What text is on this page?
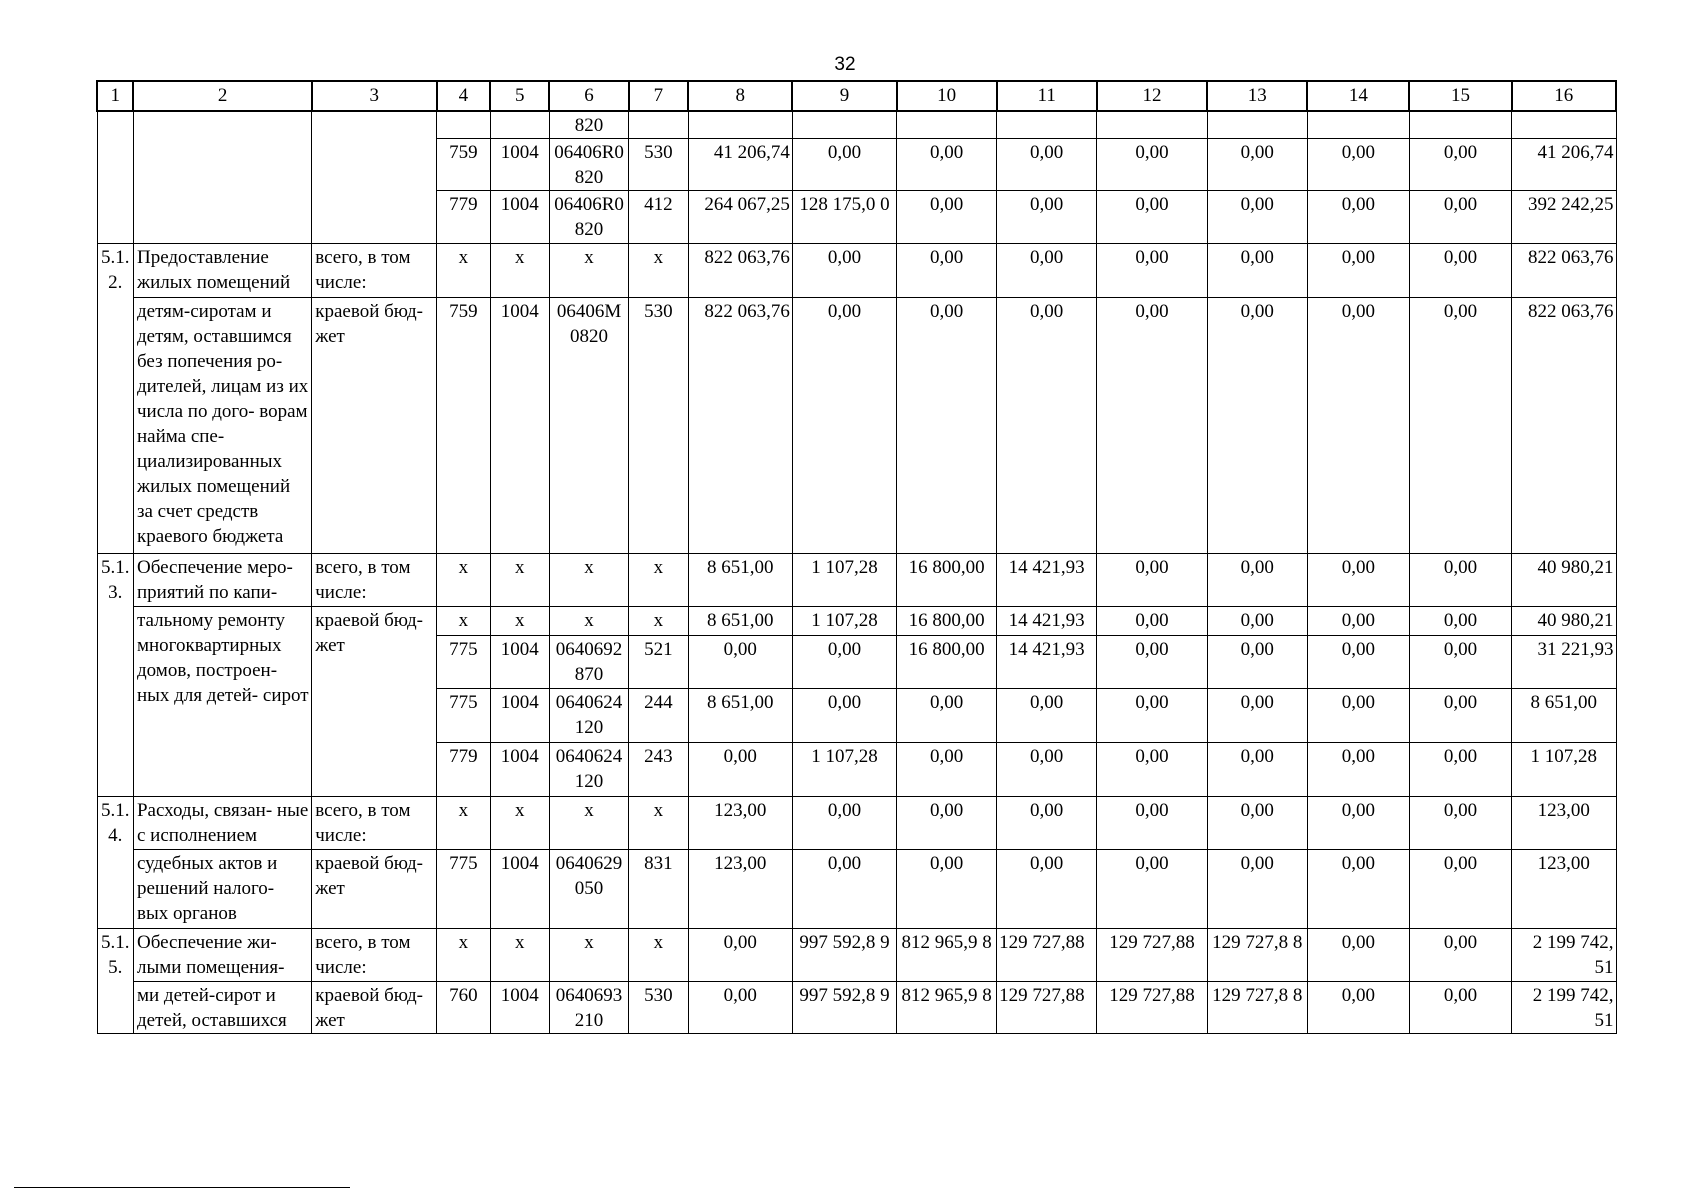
32
1	2	3	4	5	6	7	8	9	10	11	12	13	14	15	16
					820										
			759	1004	06406R0 820	530	41 206,74	0,00	0,00	0,00	0,00	0,00	0,00	0,00	41 206,74
			779	1004	06406R0 820	412	264 067,25	128 175,0 0	0,00	0,00	0,00	0,00	0,00	0,00	392 242,25
5.1. 2.	Предоставление жилых помещений	всего, в том числе:	х	х	х	х	822 063,76	0,00	0,00	0,00	0,00	0,00	0,00	0,00	822 063,76
	детям-сиротам и детям, оставшимся без попечения ро- дителей, лицам из их числа по дого- ворам найма спе- циализированных жилых помещений за счет средств краевого бюджета	краевой бюд- жет	759	1004	06406M 0820	530	822 063,76	0,00	0,00	0,00	0,00	0,00	0,00	0,00	822 063,76
5.1. 3.	Обеспечение меро- приятий по капи-	всего, в том числе:	х	х	х	х	8 651,00	1 107,28	16 800,00	14 421,93	0,00	0,00	0,00	0,00	40 980,21
	тальному ремонту многоквартирных домов, построен- ных для детей- сирот	краевой бюд- жет	х	х	х	х	8 651,00	1 107,28	16 800,00	14 421,93	0,00	0,00	0,00	0,00	40 980,21
			775	1004	0640692 870	521	0,00	0,00	16 800,00	14 421,93	0,00	0,00	0,00	0,00	31 221,93
			775	1004	0640624 120	244	8 651,00	0,00	0,00	0,00	0,00	0,00	0,00	0,00	8 651,00
			779	1004	0640624 120	243	0,00	1 107,28	0,00	0,00	0,00	0,00	0,00	0,00	1 107,28
5.1. 4.	Расходы, связан- ные с исполнением	всего, в том числе:	х	х	х	х	123,00	0,00	0,00	0,00	0,00	0,00	0,00	0,00	123,00
	судебных актов и решений налого- вых органов	краевой бюд- жет	775	1004	0640629 050	831	123,00	0,00	0,00	0,00	0,00	0,00	0,00	0,00	123,00
5.1. 5.	Обеспечение жи- лыми помещения-	всего, в том числе:	х	х	х	х	0,00	997 592,8 9	812 965,9 8	129 727,88	129 727,88	129 727,8 8	0,00	0,00	2 199 742, 51
	ми детей-сирот и детей, оставшихся	краевой бюд- жет	760	1004	0640693 210	530	0,00	997 592,8 9	812 965,9 8	129 727,88	129 727,88	129 727,8 8	0,00	0,00	2 199 742, 51
